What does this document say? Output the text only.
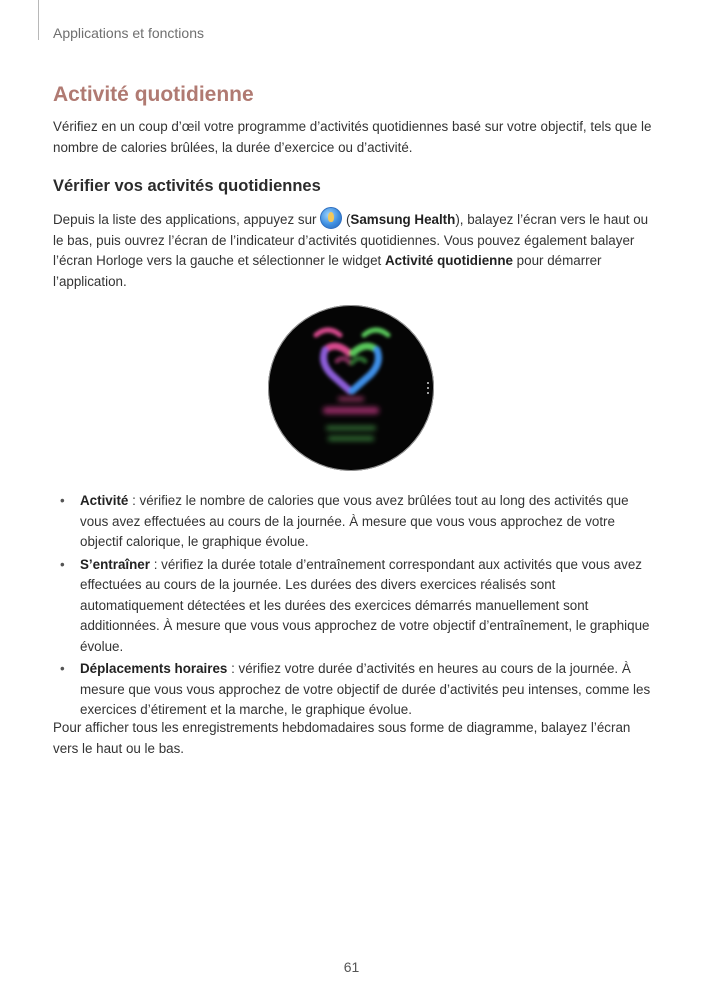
Applications et fonctions
Activité quotidienne

Vérifiez en un coup d’œil votre programme d’activités quotidiennes basé sur votre objectif, tels que le nombre de calories brûlées, la durée d’exercice ou d’activité.

Vérifier vos activités quotidiennes

Depuis la liste des applications, appuyez sur  (Samsung Health), balayez l’écran vers le haut ou le bas, puis ouvrez l’écran de l’indicateur d’activités quotidiennes. Vous pouvez également balayer l’écran Horloge vers la gauche et sélectionner le widget Activité quotidienne pour démarrer l’application.

• Activité : vérifiez le nombre de calories que vous avez brûlées tout au long des activités que vous avez effectuées au cours de la journée. À mesure que vous vous approchez de votre objectif calorique, le graphique évolue.
• S’entraîner : vérifiez la durée totale d’entraînement correspondant aux activités que vous avez effectuées au cours de la journée. Les durées des divers exercices réalisés sont automatiquement détectées et les durées des exercices démarrés manuellement sont additionnées. À mesure que vous vous approchez de votre objectif d’entraînement, le graphique évolue.
• Déplacements horaires : vérifiez votre durée d’activités en heures au cours de la journée. À mesure que vous vous approchez de votre objectif de durée d’activités peu intenses, comme les exercices d’étirement et la marche, le graphique évolue.

Pour afficher tous les enregistrements hebdomadaires sous forme de diagramme, balayez l’écran vers le haut ou le bas.

61
